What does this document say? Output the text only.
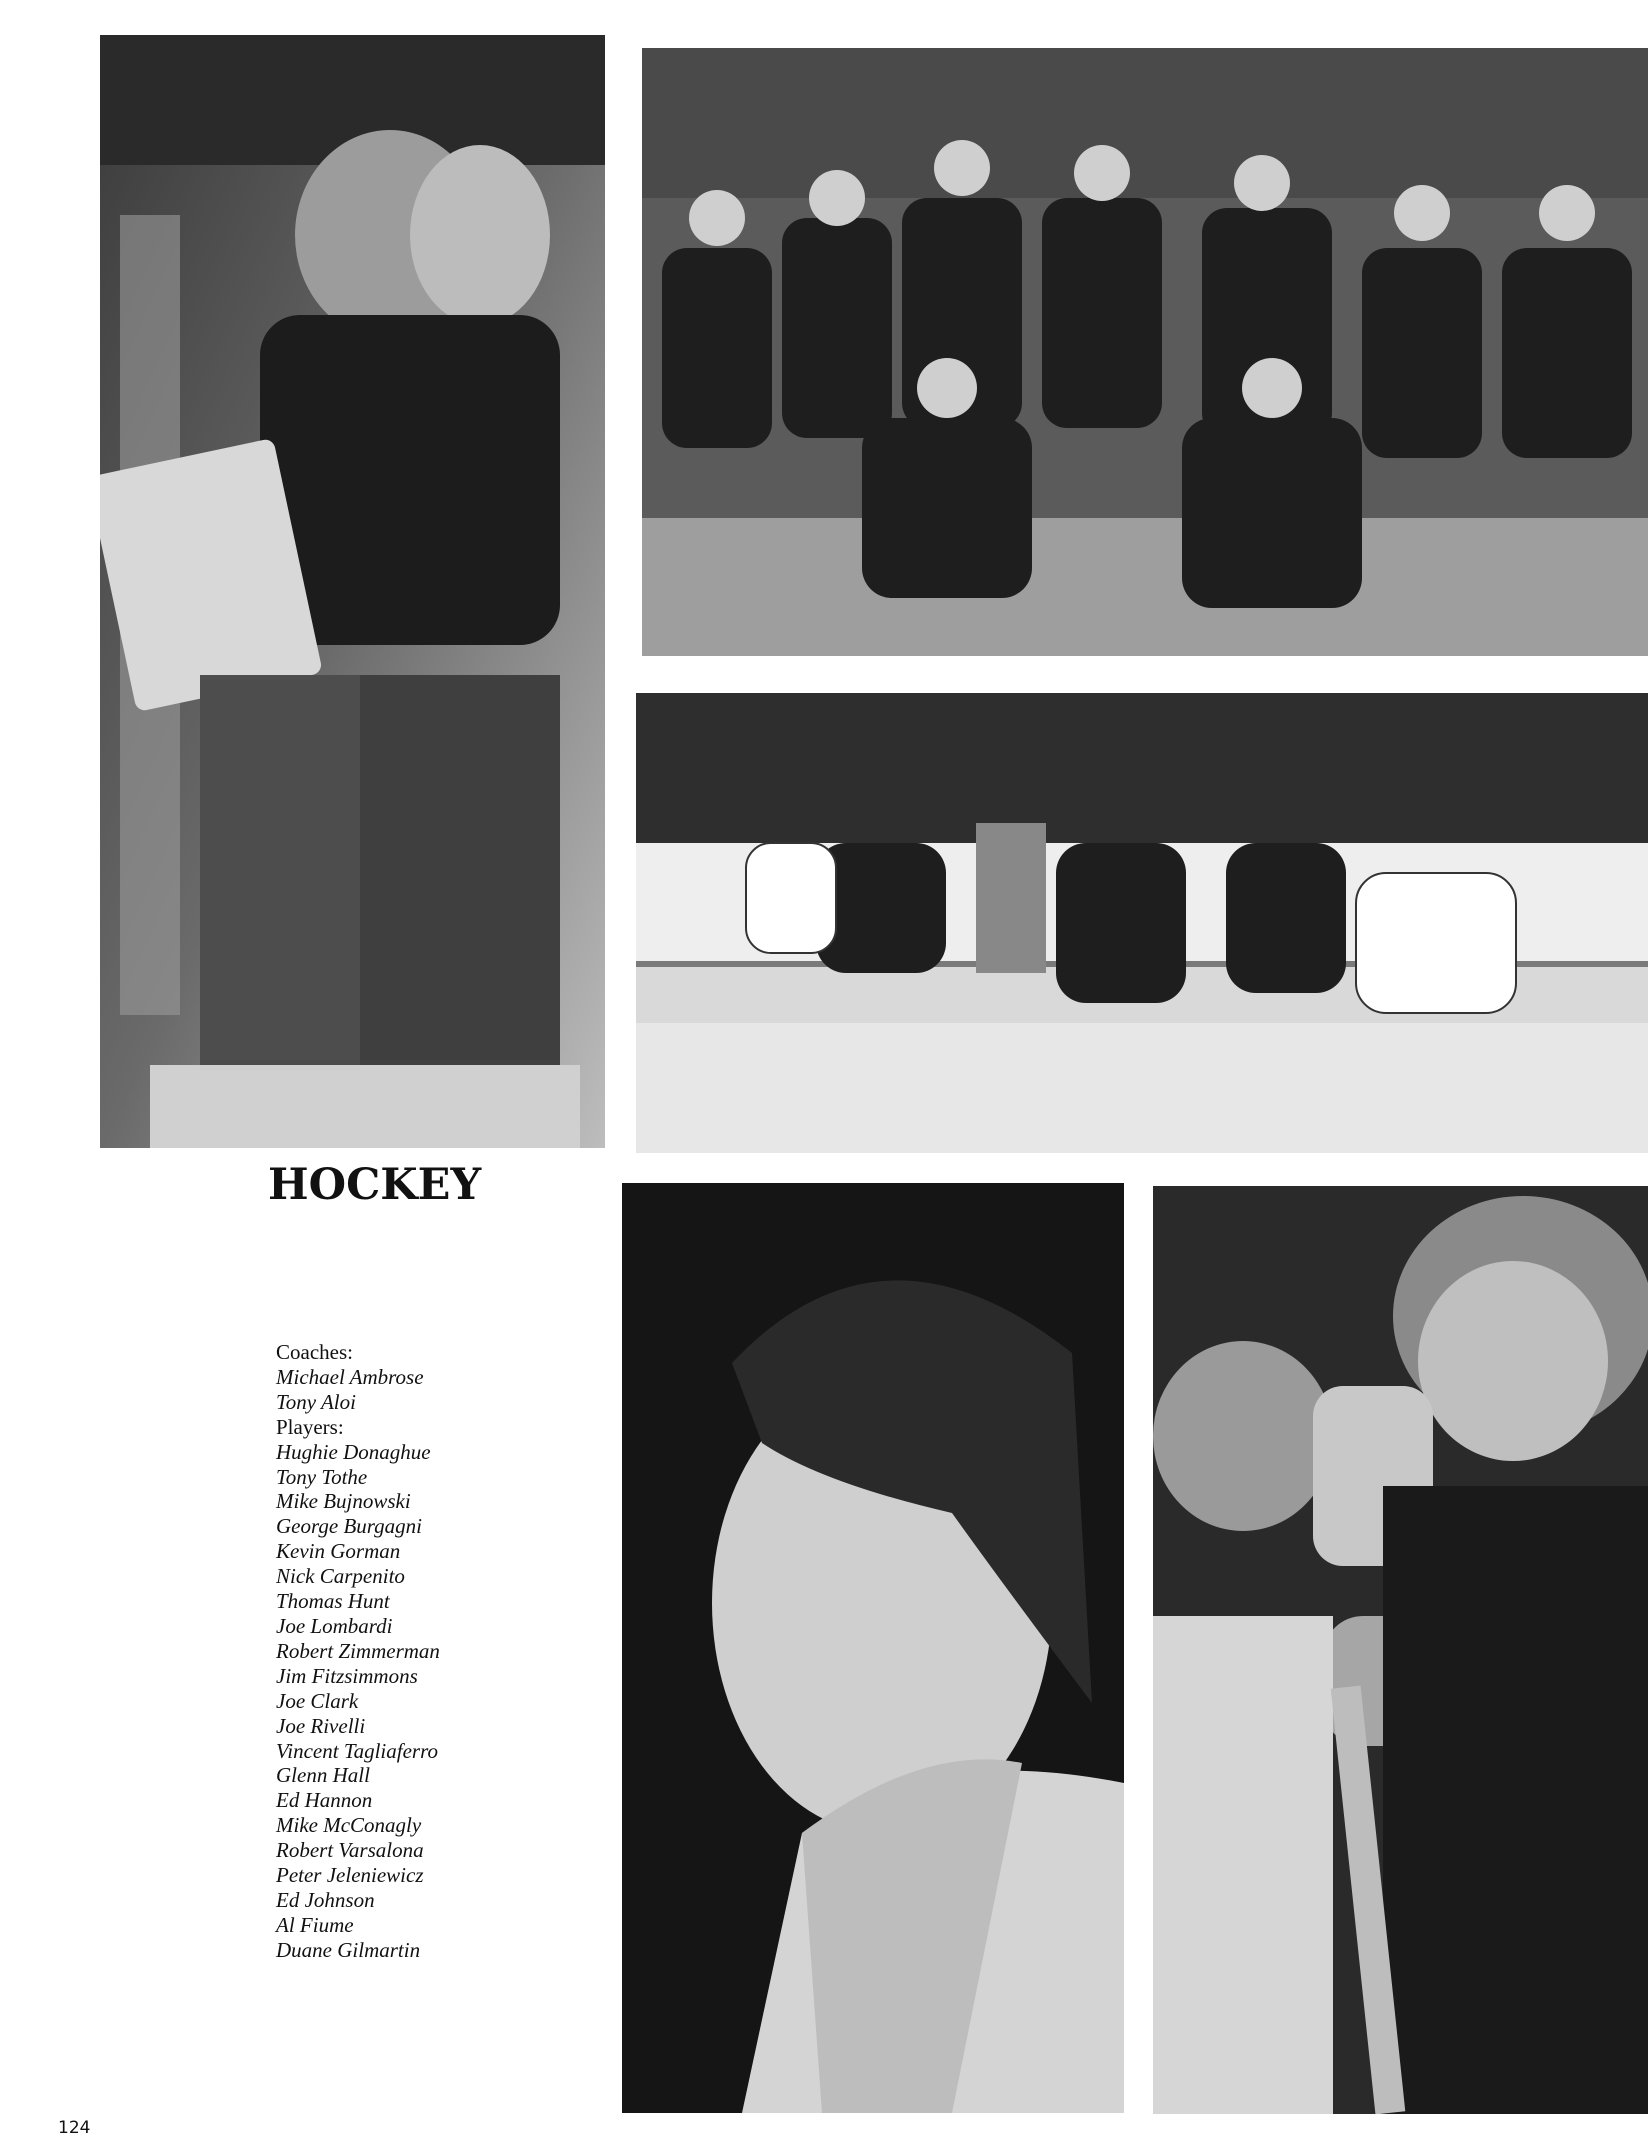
HOCKEY
Coaches:
Michael Ambrose
Tony Aloi
Players:
Hughie Donaghue
Tony Tothe
Mike Bujnowski
George Burgagni
Kevin Gorman
Nick Carpenito
Thomas Hunt
Joe Lombardi
Robert Zimmerman
Jim Fitzsimmons
Joe Clark
Joe Rivelli
Vincent Tagliaferro
Glenn Hall
Ed Hannon
Mike McConagly
Robert Varsalona
Peter Jeleniewicz
Ed Johnson
Al Fiume
Duane Gilmartin
124
